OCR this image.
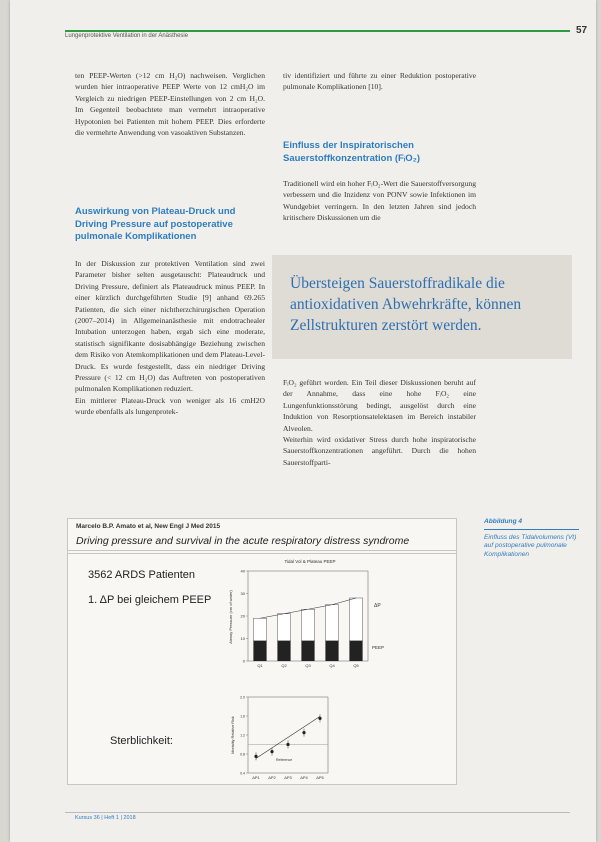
Lungenprotektive Ventilation in der Anästhesie	57

ten PEEP-Werten (>12 cm H₂O) nachweisen. Verglichen wurden hier intraoperative PEEP Werte von 12 cmH₂O im Vergleich zu niedrigen PEEP-Einstellungen von 2 cm H₂O. Im Gegenteil beobachtete man vermehrt intraoperative Hypotonien bei Patienten mit hohem PEEP. Dies erforderte die vermehrte Anwendung von vasoaktiven Substanzen.

Auswirkung von Plateau-Druck und Driving Pressure auf postoperative pulmonale Komplikationen

In der Diskussion zur protektiven Ventilation sind zwei Parameter bisher selten ausgetauscht: Plateaudruck und Driving Pressure, definiert als Plateaudruck minus PEEP. In einer kürzlich durchgeführten Studie [9] anhand 69.265 Patienten, die sich einer nichtherzchirurgischen Operation (2007–2014) in Allgemeinanästhesie mit endotrachealer Intubation unterzogen haben, ergab sich eine moderate, statistisch signifikante dosisabhängige Beziehung zwischen dem Risiko von Atemkomplikationen und dem Plateau-Level-Druck. Es wurde festgestellt, dass ein niedriger Driving Pressure (< 12 cm H₂O) das Auftreten von postoperativen pulmonalen Komplikationen reduziert.

Ein mittlerer Plateau-Druck von weniger als 16 cmH2O wurde ebenfalls als lungenprotek-

tiv identifiziert und führte zu einer Reduktion postoperative pulmonale Komplikationen [10].

Einfluss der Inspiratorischen Sauerstoffkonzentration (FᵢO₂)

Traditionell wird ein hoher FᵢO₂-Wert die Sauerstoffversorgung verbessern und die Inzidenz von PONV sowie Infektionen im Wundgebiet verringern. In den letzten Jahren sind jedoch kritischere Diskussionen um die

Übersteigen Sauerstoffradikale die antioxidativen Abwehrkräfte, können Zellstrukturen zerstört werden.

FᵢO₂ geführt worden. Ein Teil dieser Diskussionen beruht auf der Annahme, dass eine hohe FᵢO₂ eine Lungenfunktionsstörung bedingt, ausgelöst durch eine Induktion von Resorptionsatelektasen im Bereich instabiler Alveolen.

Weiterhin wird oxidativer Stress durch hohe inspiratorische Sauerstoffkonzentrationen angeführt. Durch die hohen Sauerstoffparti-

Marcelo B.P. Amato et al, New Engl J Med 2015
Driving pressure and survival in the acute respiratory distress syndrome
3562 ARDS Patienten
1. ΔP bei gleichem PEEP
Sterblichkeit:
Tidal Vol & Plateau PEEP
Airway Pressure (cm of water)	ΔP
PEEP
0
10
20
30
40
Q1	Q2	Q3	Q4	Q5
Mortality Relative Risk
Reference
0.4
0.8
1.2
1.6
2.0
ΔP1 ΔP2 ΔP3 ΔP4 ΔP5
Abbildung 4
Einfluss des Tidalvolumens (Vt) auf postoperative pulmonale Komplikationen
Kursus 36 | Heft 1 | 2018
